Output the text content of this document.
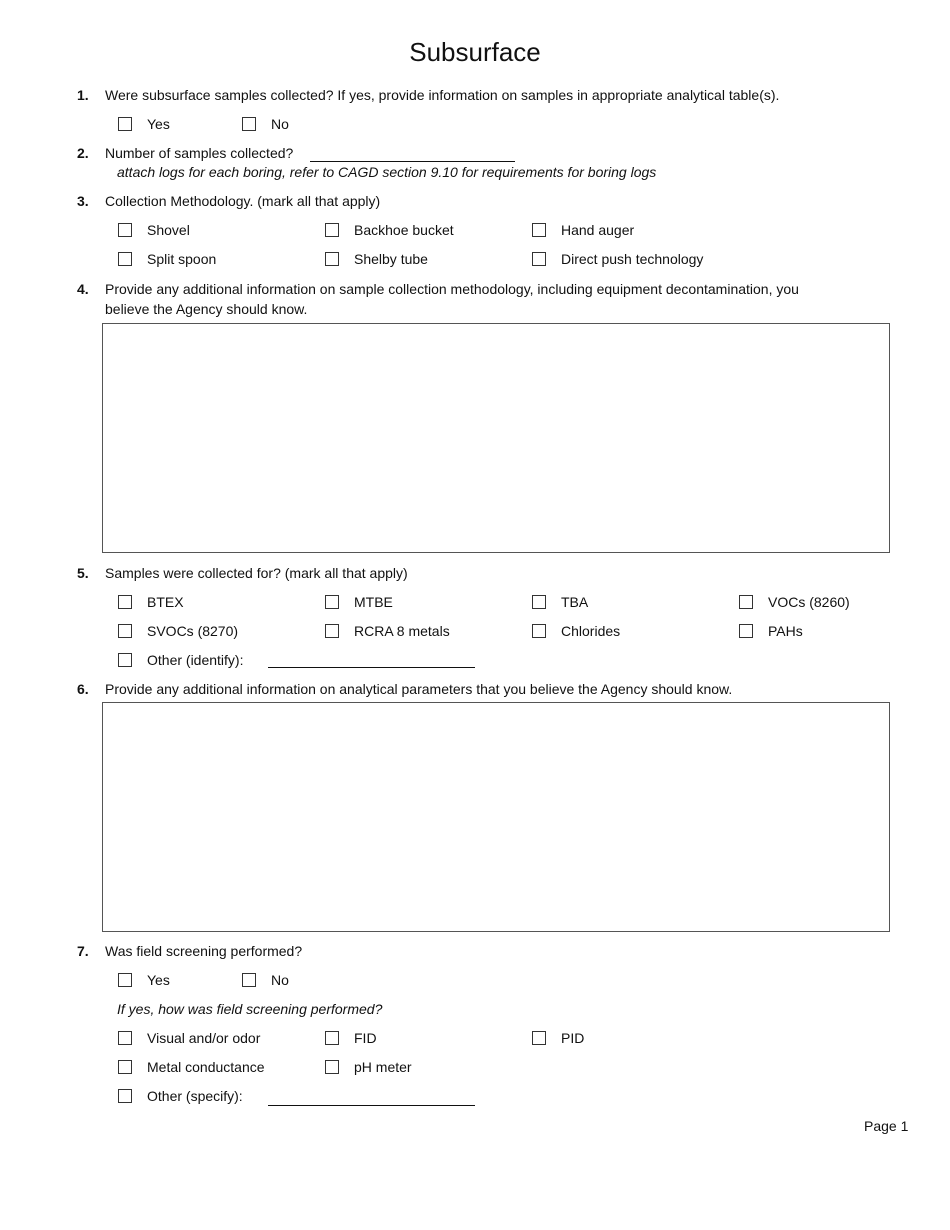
Subsurface
1. Were subsurface samples collected? If yes, provide information on samples in appropriate analytical table(s).
Yes	No
2. Number of samples collected?
attach logs for each boring, refer to CAGD section 9.10 for requirements for boring logs
3. Collection Methodology. (mark all that apply)
Shovel	Backhoe bucket	Hand auger
Split spoon	Shelby tube	Direct push technology
4. Provide any additional information on sample collection methodology, including equipment decontamination, you
believe the Agency should know.
5. Samples were collected for? (mark all that apply)
BTEX	MTBE	TBA	VOCs (8260)
SVOCs (8270)	RCRA 8 metals	Chlorides	PAHs
Other (identify):
6. Provide any additional information on analytical parameters that you believe the Agency should know.
7. Was field screening performed?
Yes	No
If yes, how was field screening performed?
Visual and/or odor	FID	PID
Metal conductance	pH meter
Other (specify):
Page 1
